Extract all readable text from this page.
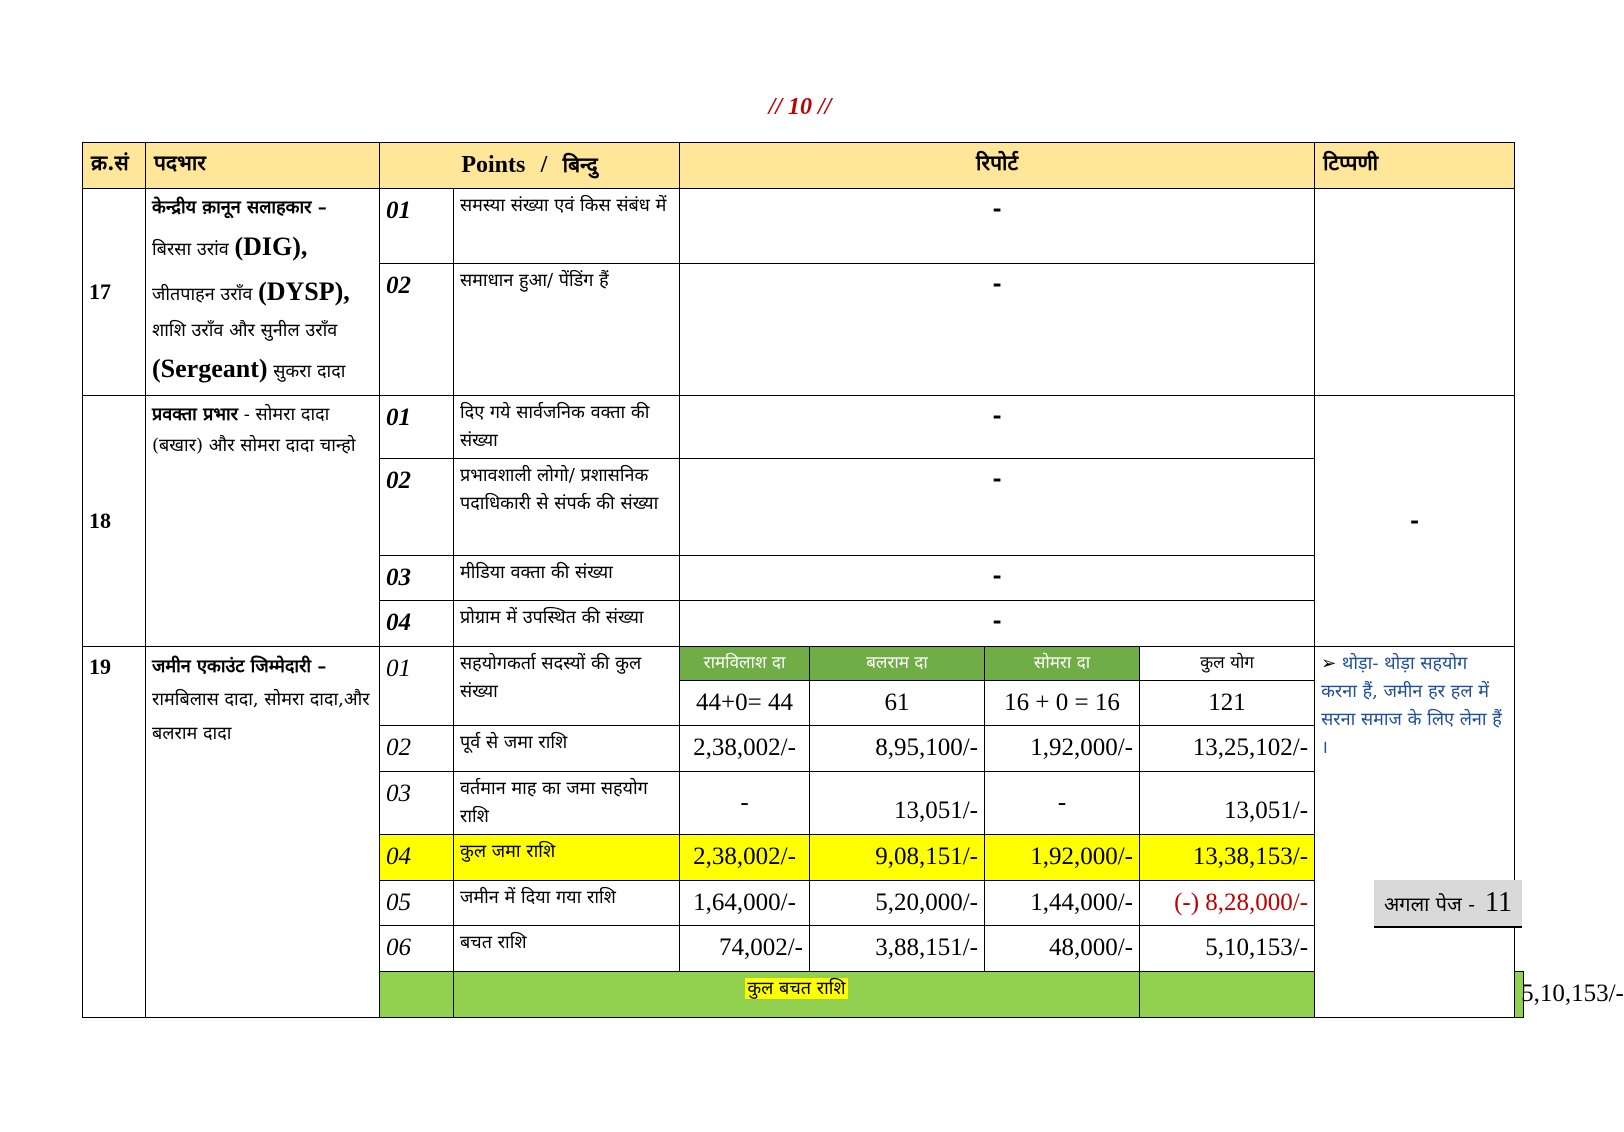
// 10 //
क्र.सं	पदभार	Points / बिन्दु		रिपोर्ट				टिप्पणी	
17	केन्द्रीय क़ानून सलाहकार –
बिरसा उरांव (DIG),
जीतपाहन उराँव (DYSP),
शाशि उराँव और सुनील उराँव
(Sergeant) सुकरा दादा	01	समस्या संख्या एवं किस संबंध में	-					
		02	समाधान हुआ/ पेंडिंग हैं	-					
18	प्रवक्ता प्रभार - सोमरा दादा (बखार) और सोमरा दादा चान्हो	01	दिए गये सार्वजनिक वक्ता की संख्या	-				-	
		02	प्रभावशाली लोगो/ प्रशासनिक पदाधिकारी से संपर्क की संख्या	-					
		03	मीडिया वक्ता की संख्या	-					
		04	प्रोग्राम में उपस्थित की संख्या	-					
19	जमीन एकाउंट जिम्मेदारी – रामबिलास दादा, सोमरा दादा,और बलराम दादा	01	सहयोगकर्ता सदस्यों की कुल संख्या	रामविलाश दा	बलराम दा	सोमरा दा	कुल योग	➢ थोड़ा- थोड़ा सहयोग करना हैं, जमीन हर हल में सरना समाज के लिए लेना हैं ।	
				44+0= 44	61	16 + 0 = 16	121		
		02	पूर्व से जमा राशि	2,38,002/-	8,95,100/-	1,92,000/-	13,25,102/-		
		03	वर्तमान माह का जमा सहयोग राशि	-	13,051/-	-	13,051/-		
		04	कुल जमा राशि	2,38,002/-	9,08,151/-	1,92,000/-	13,38,153/-		
		05	जमीन में दिया गया राशि	1,64,000/-	5,20,000/-	1,44,000/-	(-) 8,28,000/-		
		06	बचत राशि	74,002/-	3,88,151/-	48,000/-	5,10,153/-		
			कुल बचत राशि						5,10,153/-
अगला पेज - 11
